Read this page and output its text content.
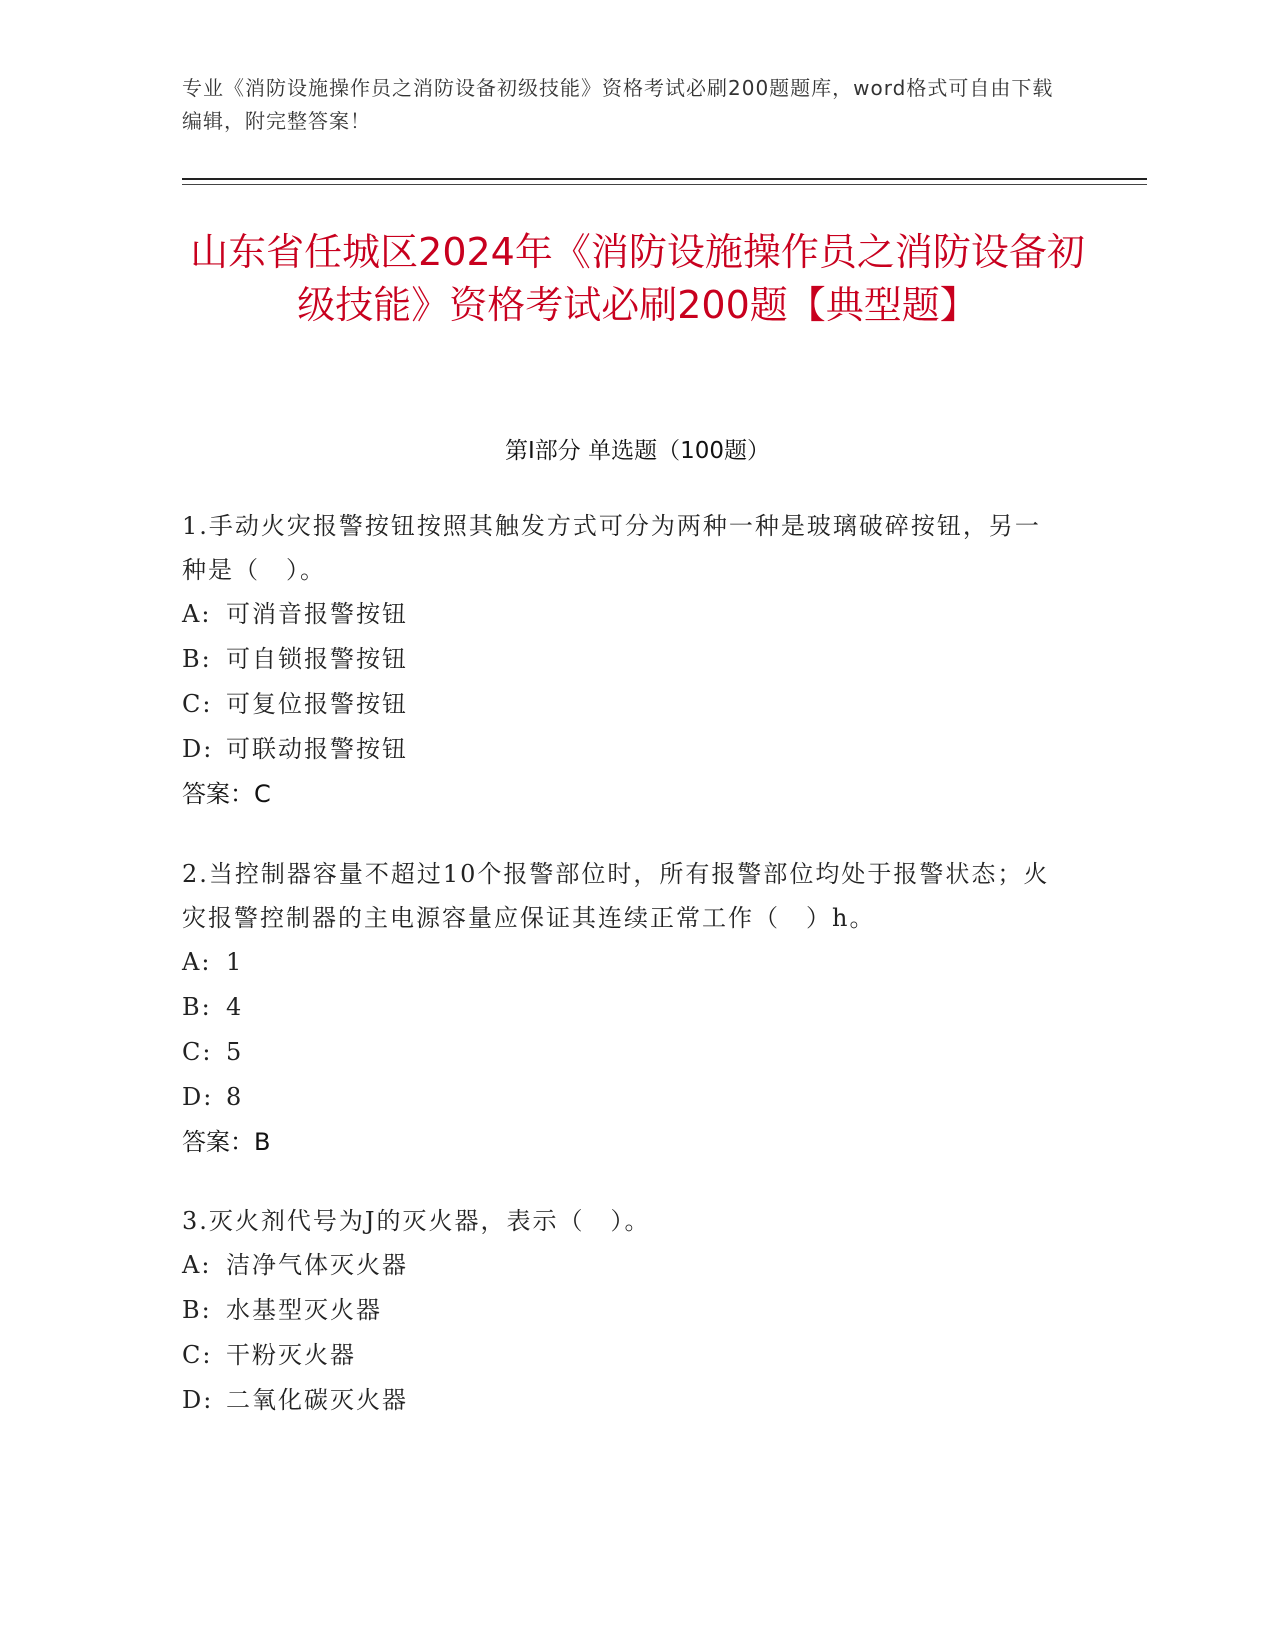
专业《消防设施操作员之消防设备初级技能》资格考试必刷200题题库，word格式可自由下载编辑，附完整答案！
山东省任城区2024年《消防设施操作员之消防设备初级技能》资格考试必刷200题【典型题】
第Ⅰ部分 单选题（100题）
1.手动火灾报警按钮按照其触发方式可分为两种一种是玻璃破碎按钮，另一种是（　）。
A: 可消音报警按钮
B: 可自锁报警按钮
C: 可复位报警按钮
D: 可联动报警按钮
答案：C
2.当控制器容量不超过10个报警部位时，所有报警部位均处于报警状态；火灾报警控制器的主电源容量应保证其连续正常工作（　）h。
A: 1
B: 4
C: 5
D: 8
答案：B
3.灭火剂代号为J的灭火器，表示（　）。
A: 洁净气体灭火器
B: 水基型灭火器
C: 干粉灭火器
D: 二氧化碳灭火器
